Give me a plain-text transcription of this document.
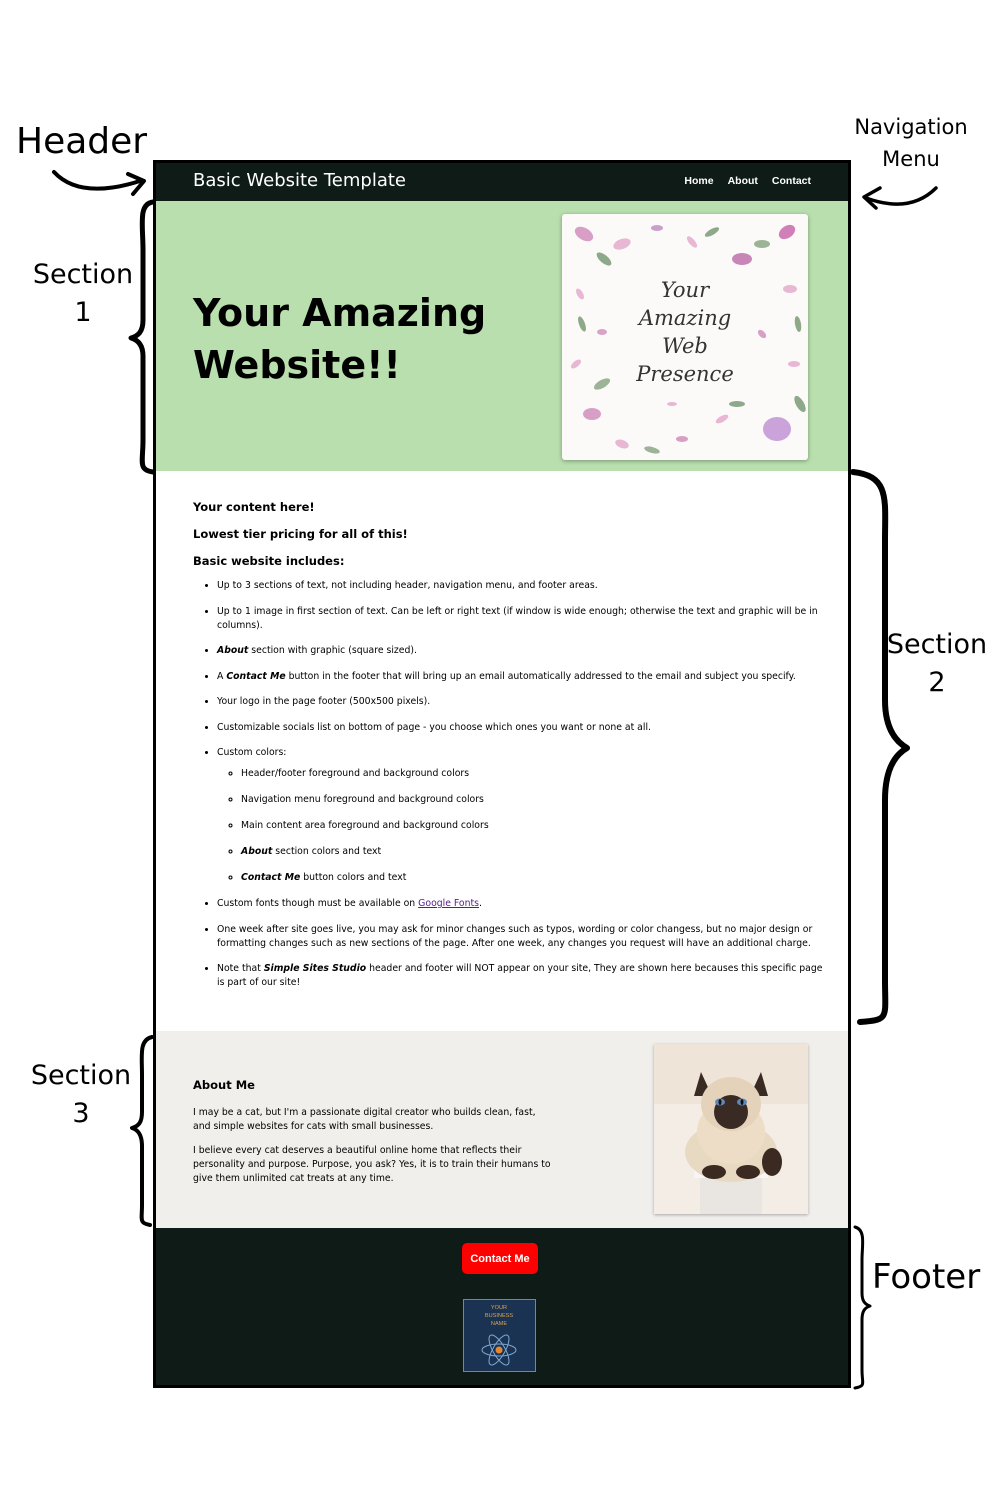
Header	Navigation
Menu
Section
1
Section
2
Section
3
Footer
Basic Website Template	Home About Contact
Your Amazing
Website!!
Your
Amazing
Web
Presence
Your content here!
Lowest tier pricing for all of this!
Basic website includes:
• Up to 3 sections of text, not including header, navigation menu, and footer areas.
• Up to 1 image in first section of text. Can be left or right text (if window is wide enough; otherwise the text and graphic will be in columns).
• About section with graphic (square sized).
• A Contact Me button in the footer that will bring up an email automatically addressed to the email and subject you specify.
• Your logo in the page footer (500x500 pixels).
• Customizable socials list on bottom of page - you choose which ones you want or none at all.
• Custom colors:
◦ Header/footer foreground and background colors
◦ Navigation menu foreground and background colors
◦ Main content area foreground and background colors
◦ About section colors and text
◦ Contact Me button colors and text
• Custom fonts though must be available on Google Fonts.
• One week after site goes live, you may ask for minor changes such as typos, wording or color changess, but no major design or formatting changes such as new sections of the page. After one week, any changes you request will have an additional charge.
• Note that Simple Sites Studio header and footer will NOT appear on your site, They are shown here becauses this specific page is part of our site!
About Me

I may be a cat, but I'm a passionate digital creator who builds clean, fast, and simple websites for cats with small businesses.

I believe every cat deserves a beautiful online home that reflects their personality and purpose. Purpose, you ask? Yes, it is to train their humans to give them unlimited cat treats at any time.

Contact Me
YOUR
BUSINESS
NAME
